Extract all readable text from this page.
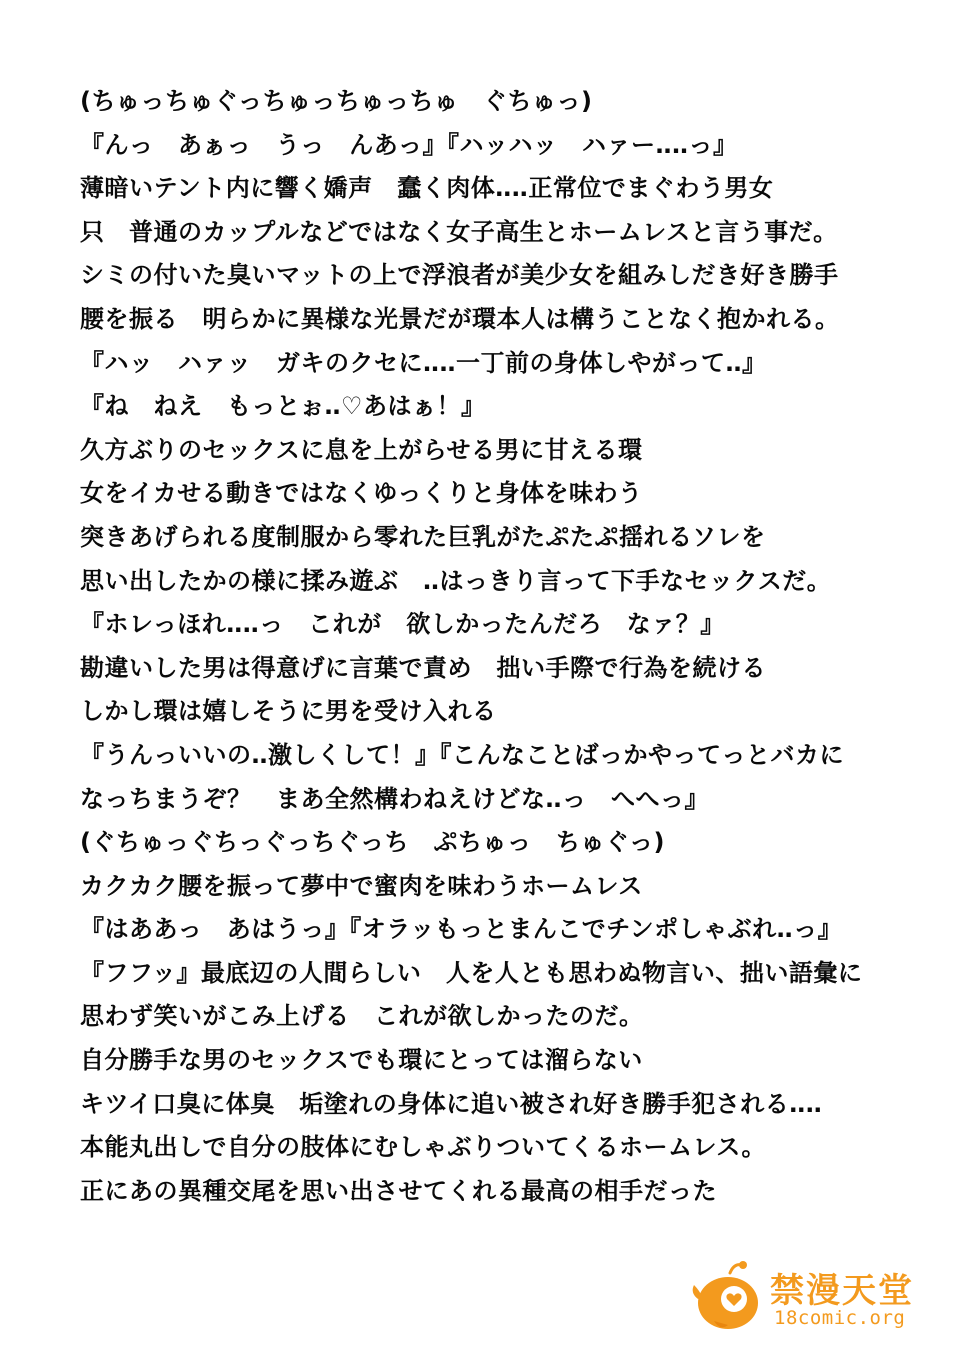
(ちゅっちゅぐっちゅっちゅっちゅ　ぐちゅっ)
『んっ　あぁっ　うっ　んあっ』『ハッハッ　ハァー‥‥っ』
薄暗いテント内に響く嬌声　蠢く肉体‥‥正常位でまぐわう男女
只　普通のカップルなどではなく女子高生とホームレスと言う事だ。
シミの付いた臭いマットの上で浮浪者が美少女を組みしだき好き勝手
腰を振る　明らかに異様な光景だが環本人は構うことなく抱かれる。
『ハッ　ハァッ　ガキのクセに‥‥一丁前の身体しやがって‥』
『ね　ねえ　もっとぉ‥♡あはぁ！』
久方ぶりのセックスに息を上がらせる男に甘える環
女をイカせる動きではなくゆっくりと身体を味わう
突きあげられる度制服から零れた巨乳がたぷたぷ揺れるソレを
思い出したかの様に揉み遊ぶ　‥はっきり言って下手なセックスだ。
『ホレっほれ‥‥っ　これが　欲しかったんだろ　なァ？』
勘違いした男は得意げに言葉で責め　拙い手際で行為を続ける
しかし環は嬉しそうに男を受け入れる
『うんっいいの‥激しくして！』『こんなことばっかやってっとバカに
なっちまうぞ？　まあ全然構わねえけどな‥っ　へへっ』
(ぐちゅっぐちっぐっちぐっち　ぷちゅっ　ちゅぐっ)
カクカク腰を振って夢中で蜜肉を味わうホームレス
『はああっ　あはうっ』『オラッもっとまんこでチンポしゃぶれ‥っ』
『フフッ』最底辺の人間らしい　人を人とも思わぬ物言い、拙い語彙に
思わず笑いがこみ上げる　これが欲しかったのだ。
自分勝手な男のセックスでも環にとっては溜らない
キツイ口臭に体臭　垢塗れの身体に追い被され好き勝手犯される‥‥
本能丸出しで自分の肢体にむしゃぶりついてくるホームレス。
正にあの異種交尾を思い出させてくれる最高の相手だった
禁漫天堂
18comic.org
